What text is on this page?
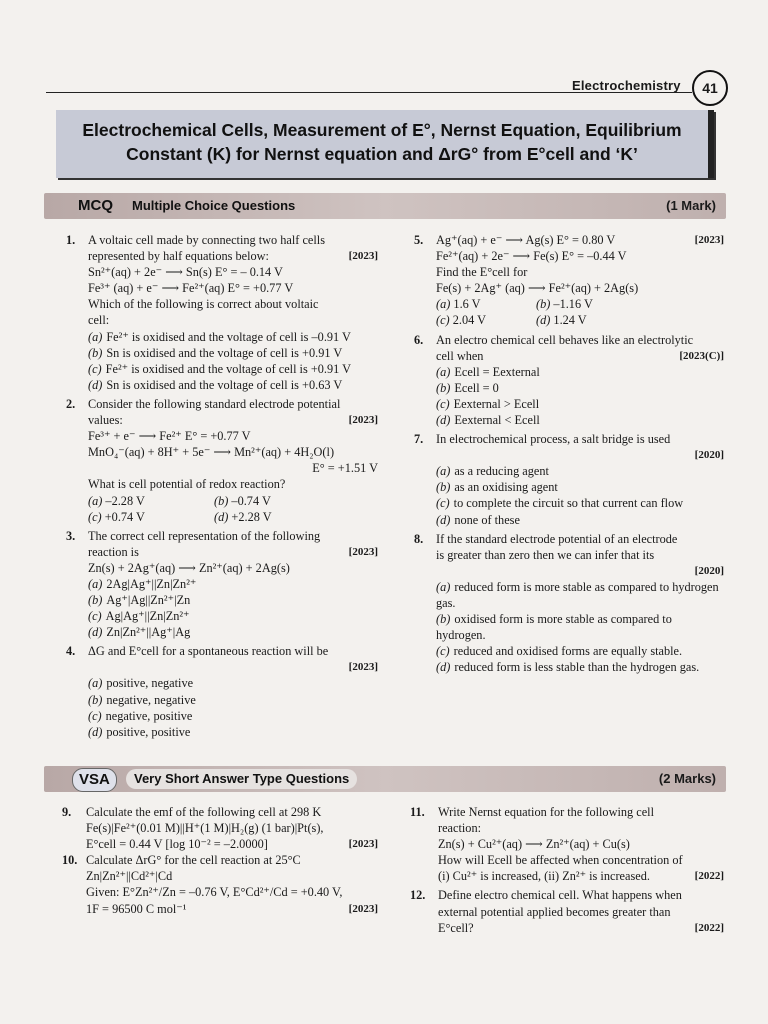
Electrochemistry	41
Electrochemical Cells, Measurement of E°, Nernst Equation, Equilibrium
Constant (K) for Nernst equation and ΔrG° from E°cell and ‘K’
MCQ	Multiple Choice Questions	(1 Mark)
1. A voltaic cell made by connecting two half cells
represented by half equations below:	[2023]
Sn²⁺(aq) + 2e⁻ ⟶ Sn(s) E° = – 0.14 V
Fe³⁺ (aq) + e⁻ ⟶ Fe²⁺(aq) E° = +0.77 V
Which of the following is correct about voltaic
cell:
(a) Fe²⁺ is oxidised and the voltage of cell is –0.91 V
(b) Sn is oxidised and the voltage of cell is +0.91 V
(c) Fe²⁺ is oxidised and the voltage of cell is +0.91 V
(d) Sn is oxidised and the voltage of cell is +0.63 V
2. Consider the following standard electrode potential
values:	[2023]
Fe³⁺ + e⁻ ⟶ Fe²⁺ E° = +0.77 V
MnO₄⁻(aq) + 8H⁺ + 5e⁻ ⟶ Mn²⁺(aq) + 4H₂O(l)
E° = +1.51 V
What is cell potential of redox reaction?
(a) –2.28 V	(b) –0.74 V
(c) +0.74 V	(d) +2.28 V
3. The correct cell representation of the following
reaction is	[2023]
Zn(s) + 2Ag⁺(aq) ⟶ Zn²⁺(aq) + 2Ag(s)
(a) 2Ag|Ag⁺||Zn|Zn²⁺
(b) Ag⁺|Ag||Zn²⁺|Zn
(c) Ag|Ag⁺||Zn|Zn²⁺
(d) Zn|Zn²⁺||Ag⁺|Ag
4. ΔG and E°cell for a spontaneous reaction will be
[2023]
(a) positive, negative
(b) negative, negative
(c) negative, positive
(d) positive, positive
5. Ag⁺(aq) + e⁻ ⟶ Ag(s) E° = 0.80 V	[2023]
Fe²⁺(aq) + 2e⁻ ⟶ Fe(s) E° = –0.44 V
Find the E°cell for
Fe(s) + 2Ag⁺ (aq) ⟶ Fe²⁺(aq) + 2Ag(s)
(a) 1.6 V	(b) –1.16 V
(c) 2.04 V	(d) 1.24 V
6. An electro chemical cell behaves like an electrolytic
cell when	[2023(C)]
(a) Ecell = Eexternal
(b) Ecell = 0
(c) Eexternal > Ecell
(d) Eexternal < Ecell
7. In electrochemical process, a salt bridge is used
[2020]
(a) as a reducing agent
(b) as an oxidising agent
(c) to complete the circuit so that current can flow
(d) none of these
8. If the standard electrode potential of an electrode
is greater than zero then we can infer that its
[2020]
(a) reduced form is more stable as compared to hydrogen gas.
(b) oxidised form is more stable as compared to hydrogen.
(c) reduced and oxidised forms are equally stable.
(d) reduced form is less stable than the hydrogen gas.
VSA	Very Short Answer Type Questions	(2 Marks)
9. Calculate the emf of the following cell at 298 K
Fe(s)|Fe²⁺(0.01 M)||H⁺(1 M)|H₂(g) (1 bar)|Pt(s),
E°cell = 0.44 V [log 10⁻² = –2.0000]	[2023]
10. Calculate ΔrG° for the cell reaction at 25°C
Zn|Zn²⁺||Cd²⁺|Cd
Given: E°Zn²⁺/Zn = –0.76 V, E°Cd²⁺/Cd = +0.40 V,
1F = 96500 C mol⁻¹	[2023]
11. Write Nernst equation for the following cell
reaction:
Zn(s) + Cu²⁺(aq) ⟶ Zn²⁺(aq) + Cu(s)
How will Ecell be affected when concentration of
(i) Cu²⁺ is increased, (ii) Zn²⁺ is increased.	[2022]
12. Define electro chemical cell. What happens when
external potential applied becomes greater than
E°cell?	[2022]
